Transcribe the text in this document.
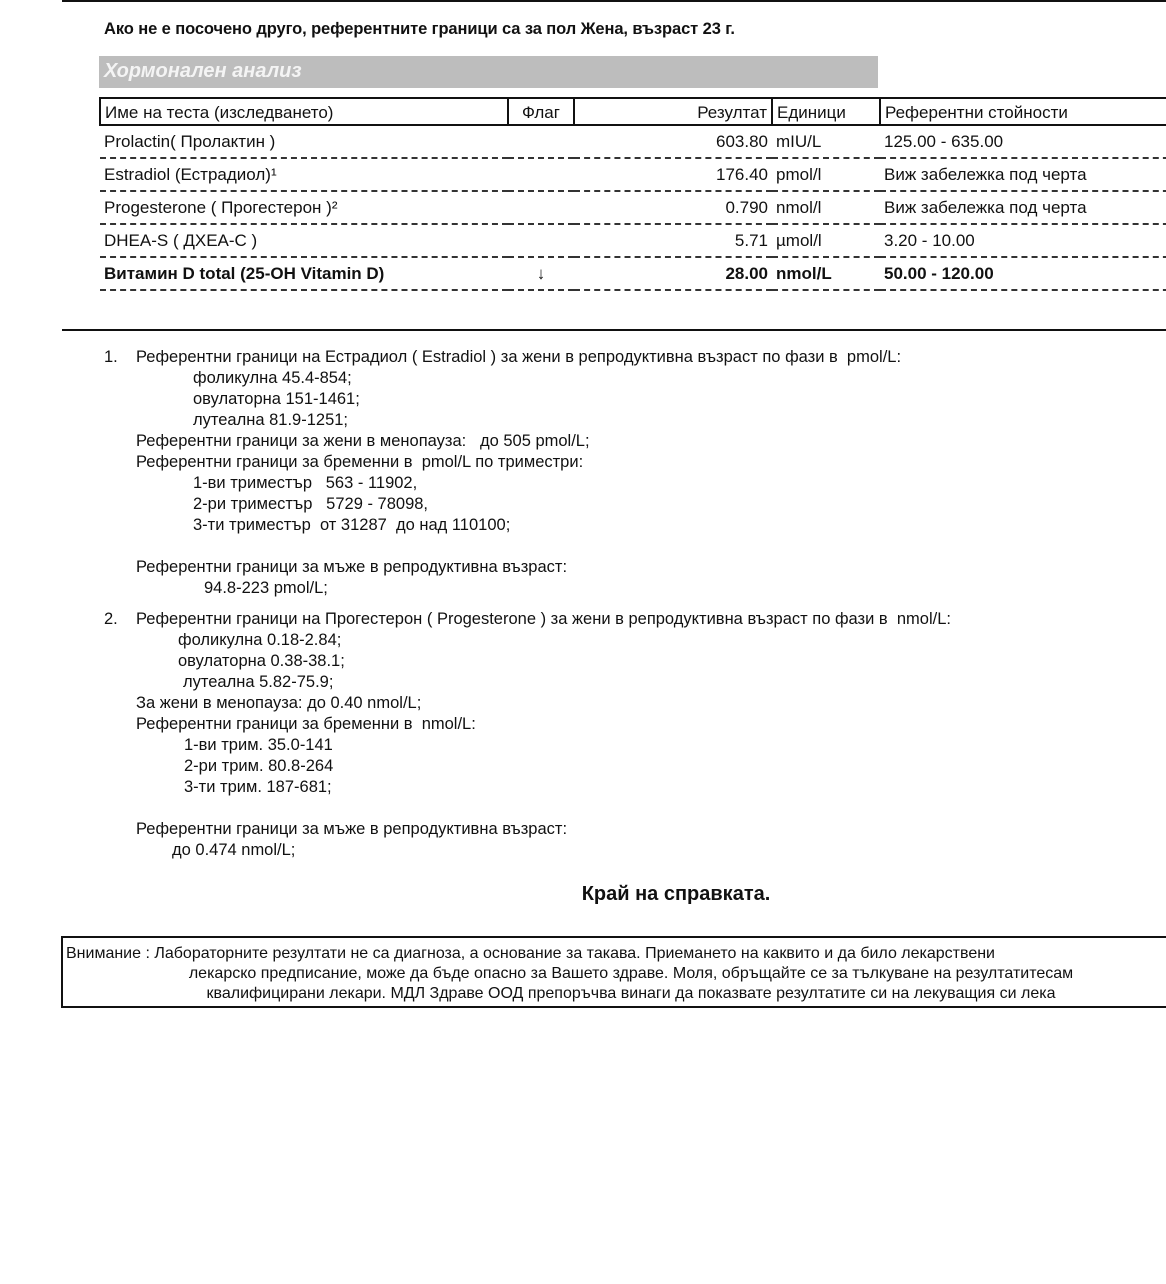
Ако не е посочено друго, референтните граници са за пол Жена, възраст 23 г.
Хормонален анализ
Име на теста (изследването)	Флаг	Резултат	Единици	Референтни стойности
Prolactin( Пролактин )		603.80	mIU/L	125.00 - 635.00
Estradiol (Естрадиол)¹		176.40	pmol/l	Виж забележка под черта
Progesterone ( Прогестерон )²		0.790	nmol/l	Виж забележка под черта
DHEA-S ( ДХЕА-С )		5.71	µmol/l	3.20 - 10.00
Витамин D total (25-OH Vitamin D)	↓	28.00	nmol/L	50.00 - 120.00
1. Референтни граници на Естрадиол ( Estradiol ) за жени в репродуктивна възраст по фази в  pmol/L:
фоликулна 45.4-854;
овулаторна 151-1461;
лутеална 81.9-1251;
Референтни граници за жени в менопауза:   до 505 pmol/L;
Референтни граници за бременни в  pmol/L по триместри:
1-ви триместър   563 - 11902,
2-ри триместър   5729 - 78098,
3-ти триместър  от 31287  до над 110100;
Референтни граници за мъже в репродуктивна възраст:
94.8-223 pmol/L;
2. Референтни граници на Прогестерон ( Progesterone ) за жени в репродуктивна възраст по фази в  nmol/L:
фоликулна 0.18-2.84;
овулаторна 0.38-38.1;
лутеална 5.82-75.9;
За жени в менопауза: до 0.40 nmol/L;
Референтни граници за бременни в  nmol/L:
1-ви трим. 35.0-141
2-ри трим. 80.8-264
3-ти трим. 187-681;
Референтни граници за мъже в репродуктивна възраст:
до 0.474 nmol/L;
Край на справката.
Внимание : Лабораторните резултати не са диагноза, а основание за такава. Приемането на каквито и да било лекарствени
лекарско предписание, може да бъде опасно за Вашето здраве. Моля, обръщайте се за тълкуване на резултатитесам
квалифицирани лекари. МДЛ Здраве ООД препоръчва винаги да показвате резултатите си на лекуващия си лека
